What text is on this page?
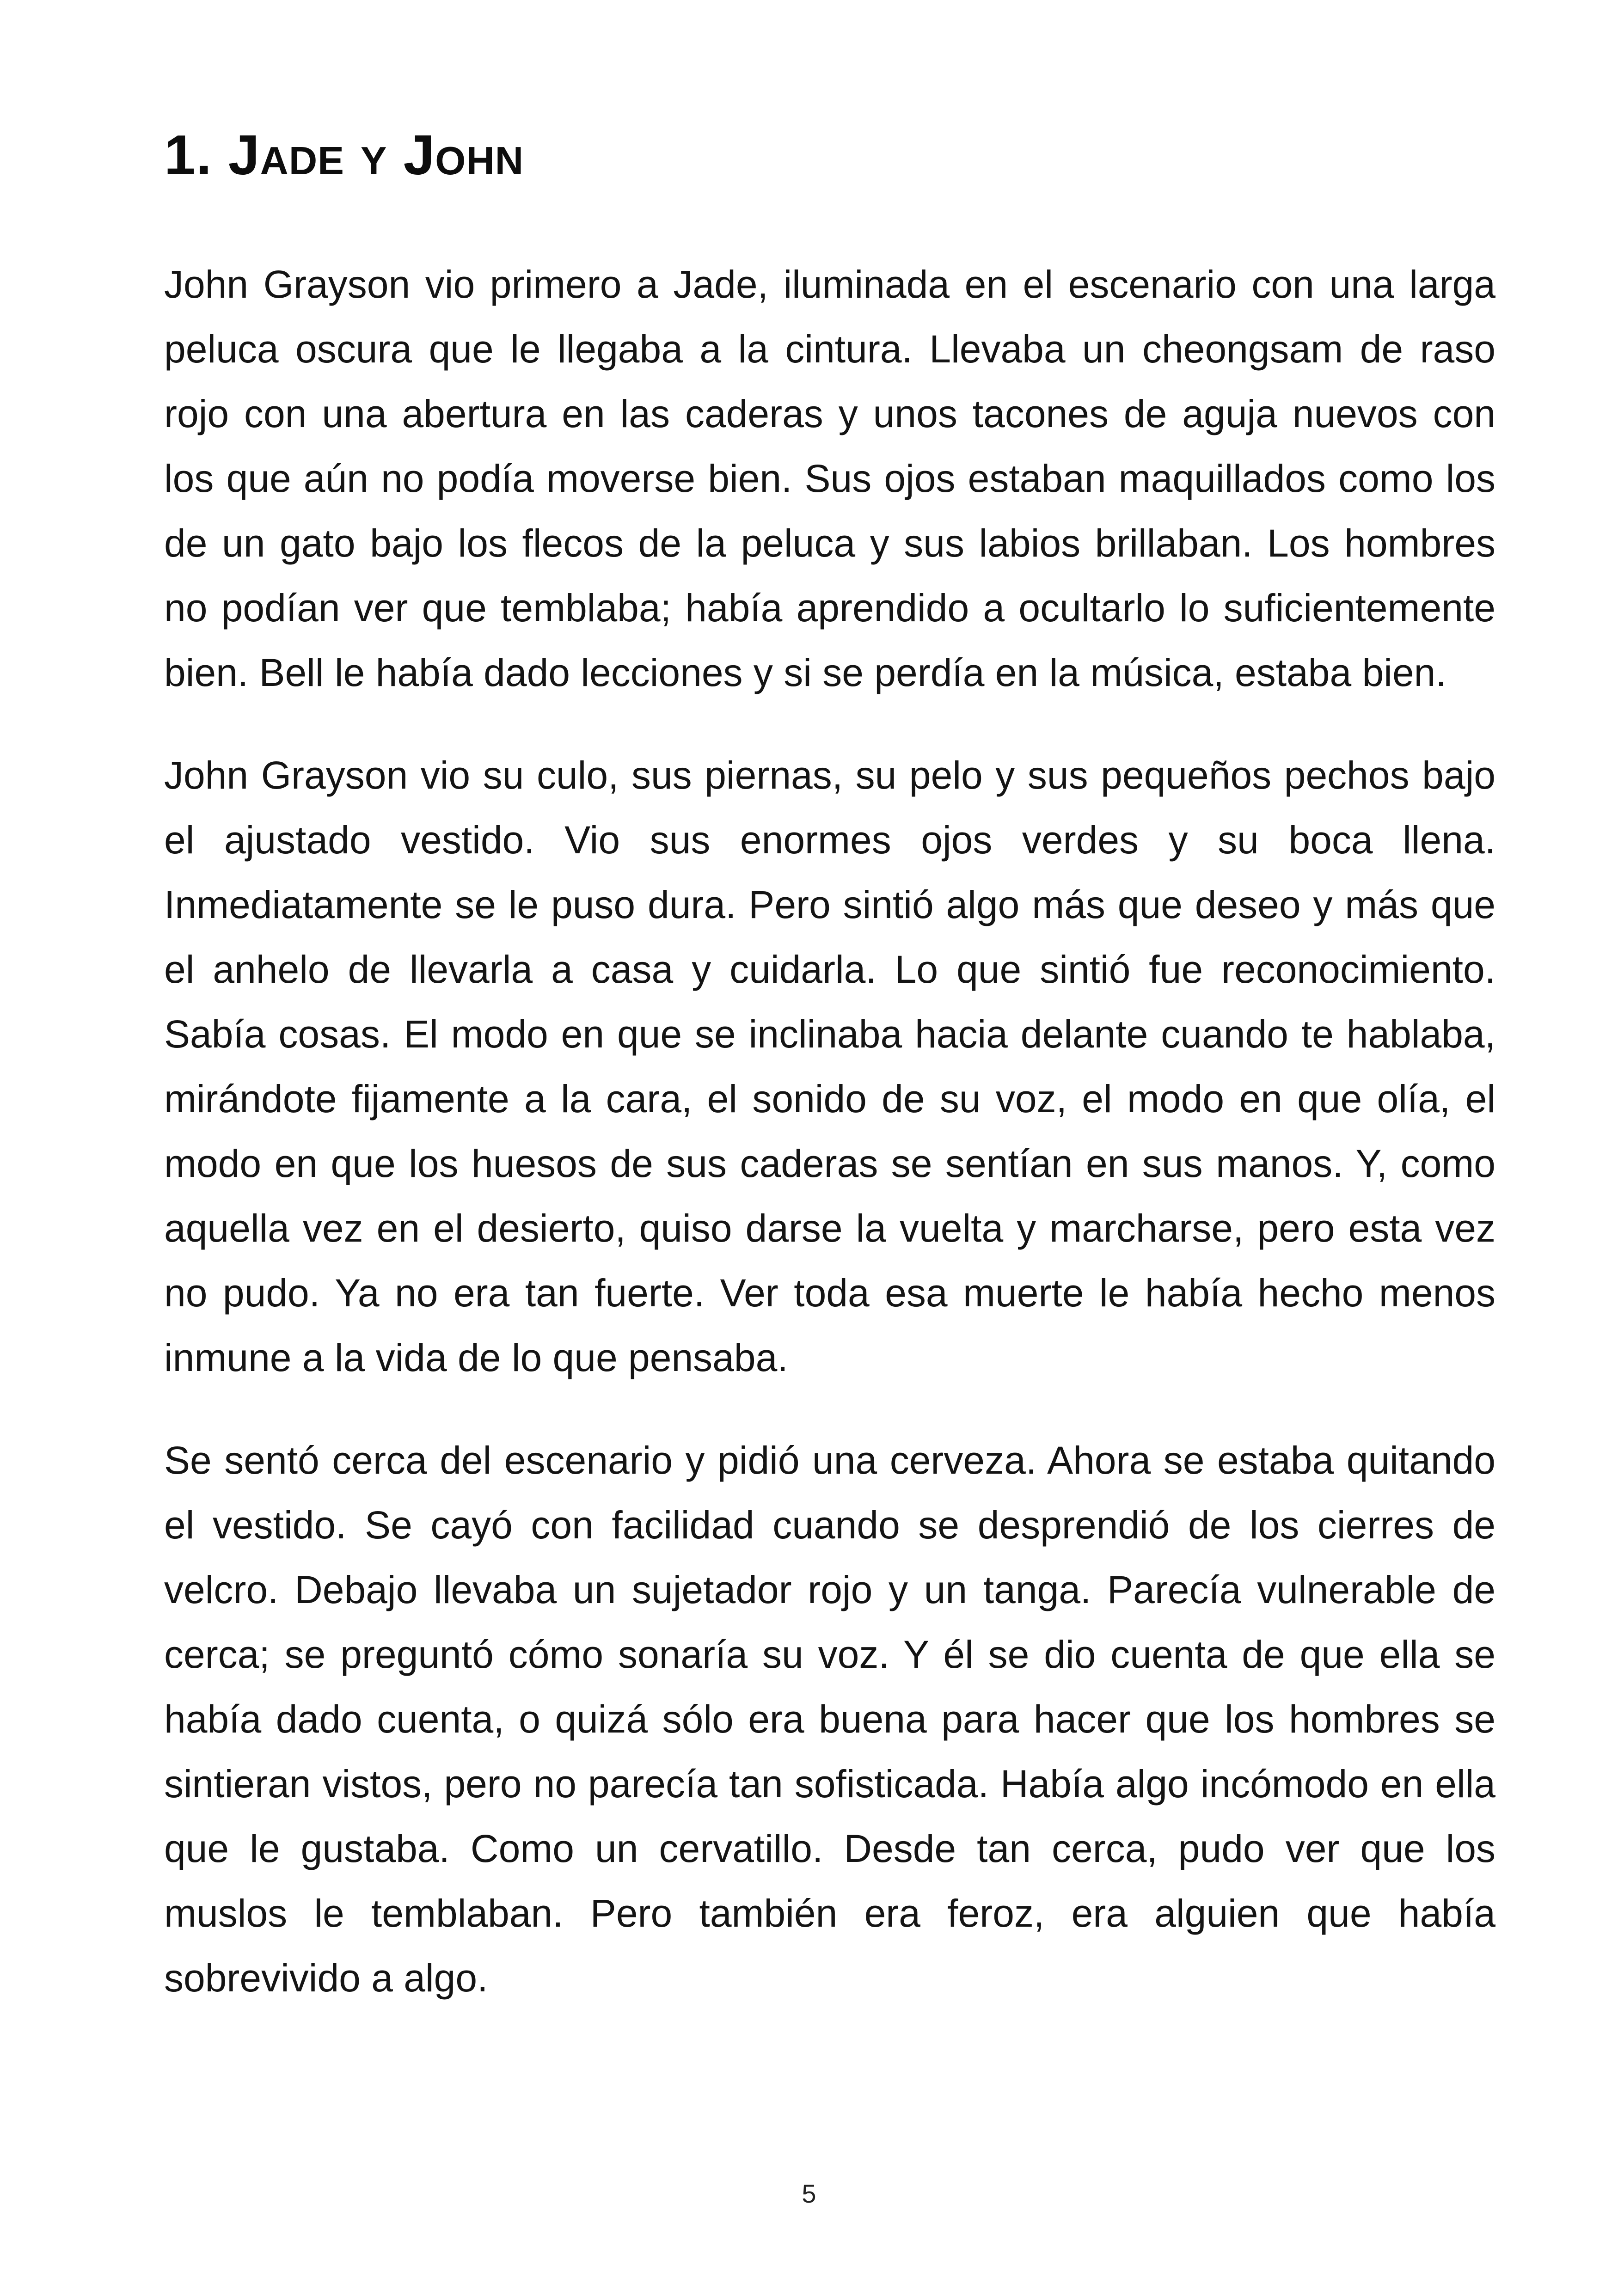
1. Jade y John

John Grayson vio primero a Jade, iluminada en el escenario con una larga peluca oscura que le llegaba a la cintura. Llevaba un cheongsam de raso rojo con una abertura en las caderas y unos tacones de aguja nuevos con los que aún no podía moverse bien. Sus ojos estaban maquillados como los de un gato bajo los flecos de la peluca y sus labios brillaban. Los hombres no podían ver que temblaba; había aprendido a ocultarlo lo suficientemente bien. Bell le había dado lecciones y si se perdía en la música, estaba bien.

John Grayson vio su culo, sus piernas, su pelo y sus pequeños pechos bajo el ajustado vestido. Vio sus enormes ojos verdes y su boca llena. Inmediatamente se le puso dura. Pero sintió algo más que deseo y más que el anhelo de llevarla a casa y cuidarla. Lo que sintió fue reconocimiento. Sabía cosas. El modo en que se inclinaba hacia delante cuando te hablaba, mirándote fijamente a la cara, el sonido de su voz, el modo en que olía, el modo en que los huesos de sus caderas se sentían en sus manos. Y, como aquella vez en el desierto, quiso darse la vuelta y marcharse, pero esta vez no pudo. Ya no era tan fuerte. Ver toda esa muerte le había hecho menos inmune a la vida de lo que pensaba.

Se sentó cerca del escenario y pidió una cerveza. Ahora se estaba quitando el vestido. Se cayó con facilidad cuando se desprendió de los cierres de velcro. Debajo llevaba un sujetador rojo y un tanga. Parecía vulnerable de cerca; se preguntó cómo sonaría su voz. Y él se dio cuenta de que ella se había dado cuenta, o quizá sólo era buena para hacer que los hombres se sintieran vistos, pero no parecía tan sofisticada. Había algo incómodo en ella que le gustaba. Como un cervatillo. Desde tan cerca, pudo ver que los muslos le temblaban. Pero también era feroz, era alguien que había sobrevivido a algo.

5
